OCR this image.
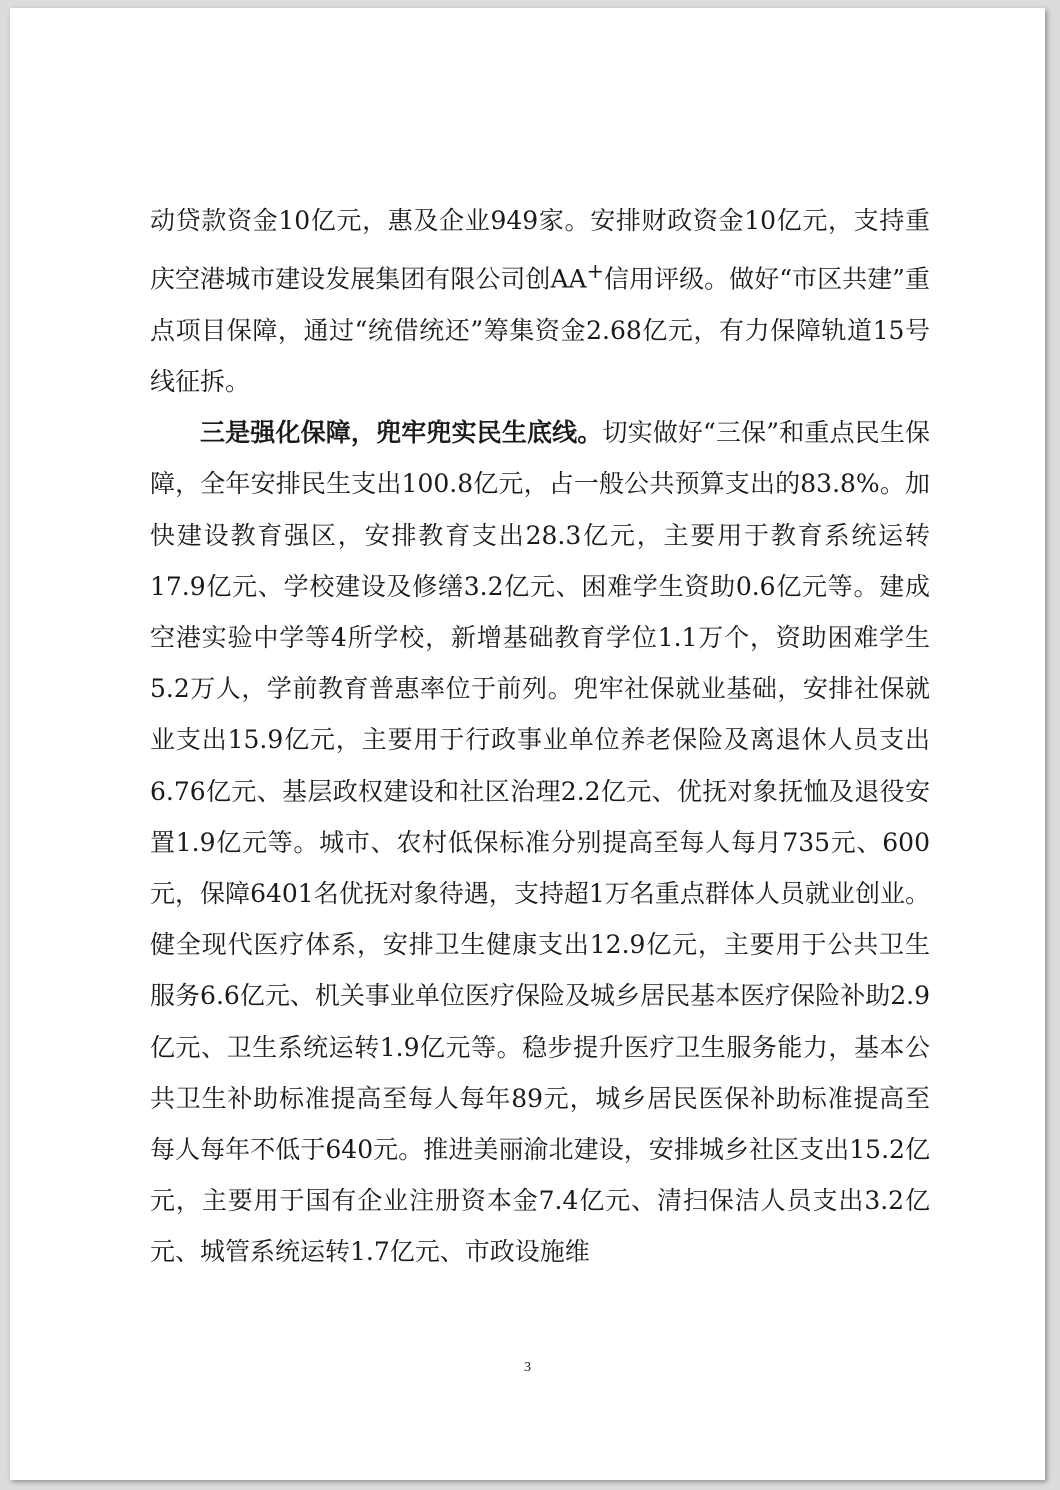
动贷款资金10亿元，惠及企业949家。安排财政资金10亿元，支持重庆空港城市建设发展集团有限公司创AA+信用评级。做好“市区共建”重点项目保障，通过“统借统还”筹集资金2.68亿元，有力保障轨道15号线征拆。

三是强化保障，兜牢兜实民生底线。切实做好“三保”和重点民生保障，全年安排民生支出100.8亿元，占一般公共预算支出的83.8%。加快建设教育强区，安排教育支出28.3亿元，主要用于教育系统运转17.9亿元、学校建设及修缮3.2亿元、困难学生资助0.6亿元等。建成空港实验中学等4所学校，新增基础教育学位1.1万个，资助困难学生5.2万人，学前教育普惠率位于前列。兜牢社保就业基础，安排社保就业支出15.9亿元，主要用于行政事业单位养老保险及离退休人员支出6.76亿元、基层政权建设和社区治理2.2亿元、优抚对象抚恤及退役安置1.9亿元等。城市、农村低保标准分别提高至每人每月735元、600元，保障6401名优抚对象待遇，支持超1万名重点群体人员就业创业。健全现代医疗体系，安排卫生健康支出12.9亿元，主要用于公共卫生服务6.6亿元、机关事业单位医疗保险及城乡居民基本医疗保险补助2.9亿元、卫生系统运转1.9亿元等。稳步提升医疗卫生服务能力，基本公共卫生补助标准提高至每人每年89元，城乡居民医保补助标准提高至每人每年不低于640元。推进美丽渝北建设，安排城乡社区支出15.2亿元，主要用于国有企业注册资本金7.4亿元、清扫保洁人员支出3.2亿元、城管系统运转1.7亿元、市政设施维

3
